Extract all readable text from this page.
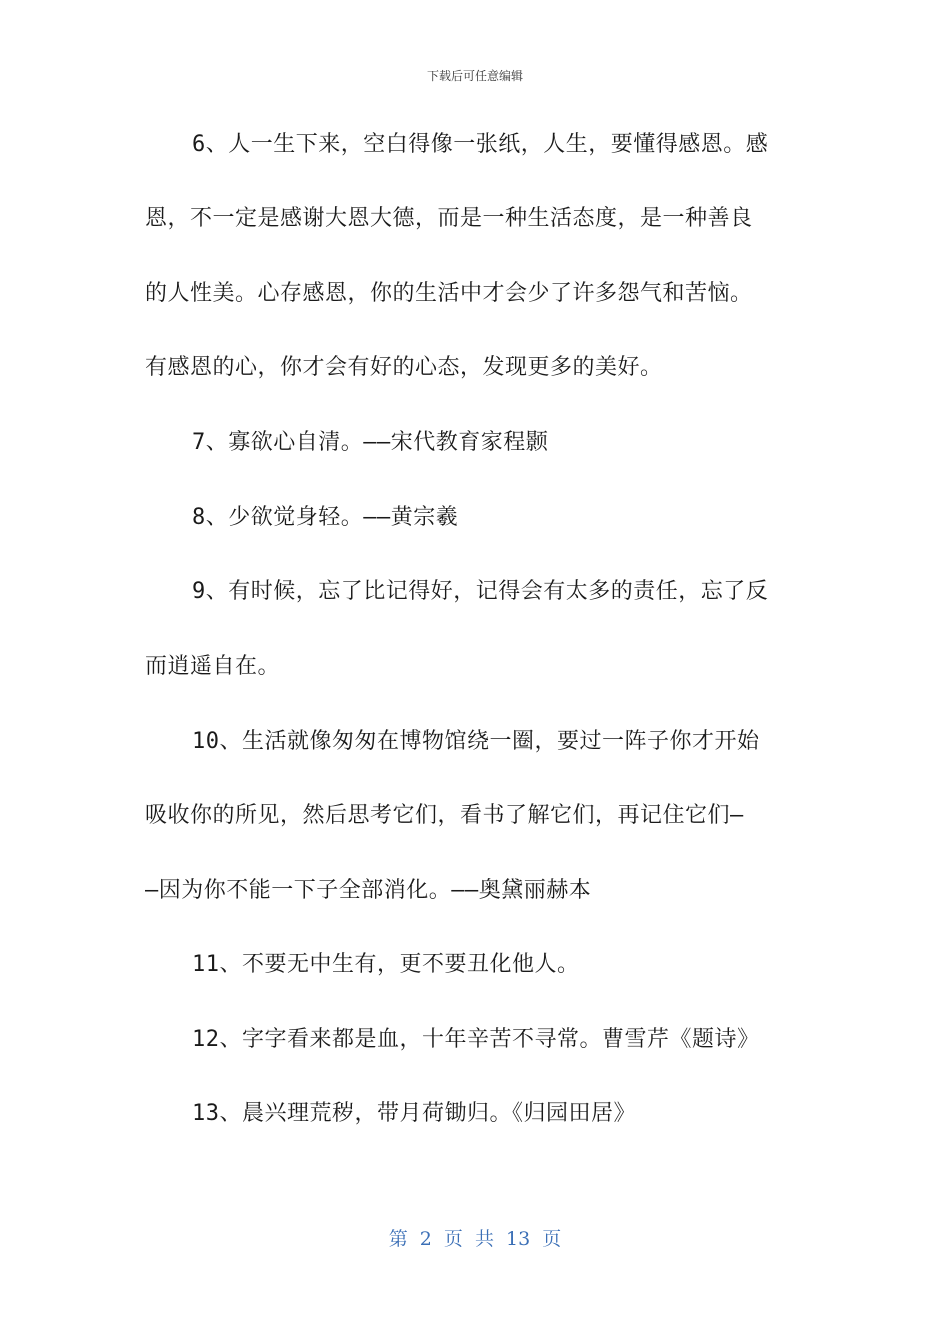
下载后可任意编辑
6、人一生下来，空白得像一张纸，人生，要懂得感恩。感
恩，不一定是感谢大恩大德，而是一种生活态度，是一种善良
的人性美。心存感恩，你的生活中才会少了许多怨气和苦恼。
有感恩的心，你才会有好的心态，发现更多的美好。
7、寡欲心自清。——宋代教育家程颢
8、少欲觉身轻。——黄宗羲
9、有时候，忘了比记得好，记得会有太多的责任，忘了反
而逍遥自在。
10、生活就像匆匆在博物馆绕一圈，要过一阵子你才开始
吸收你的所见，然后思考它们，看书了解它们，再记住它们—
—因为你不能一下子全部消化。——奥黛丽赫本
11、不要无中生有，更不要丑化他人。
12、字字看来都是血，十年辛苦不寻常。曹雪芹《题诗》
13、晨兴理荒秽，带月荷锄归。《归园田居》
第 2 页 共 13 页
